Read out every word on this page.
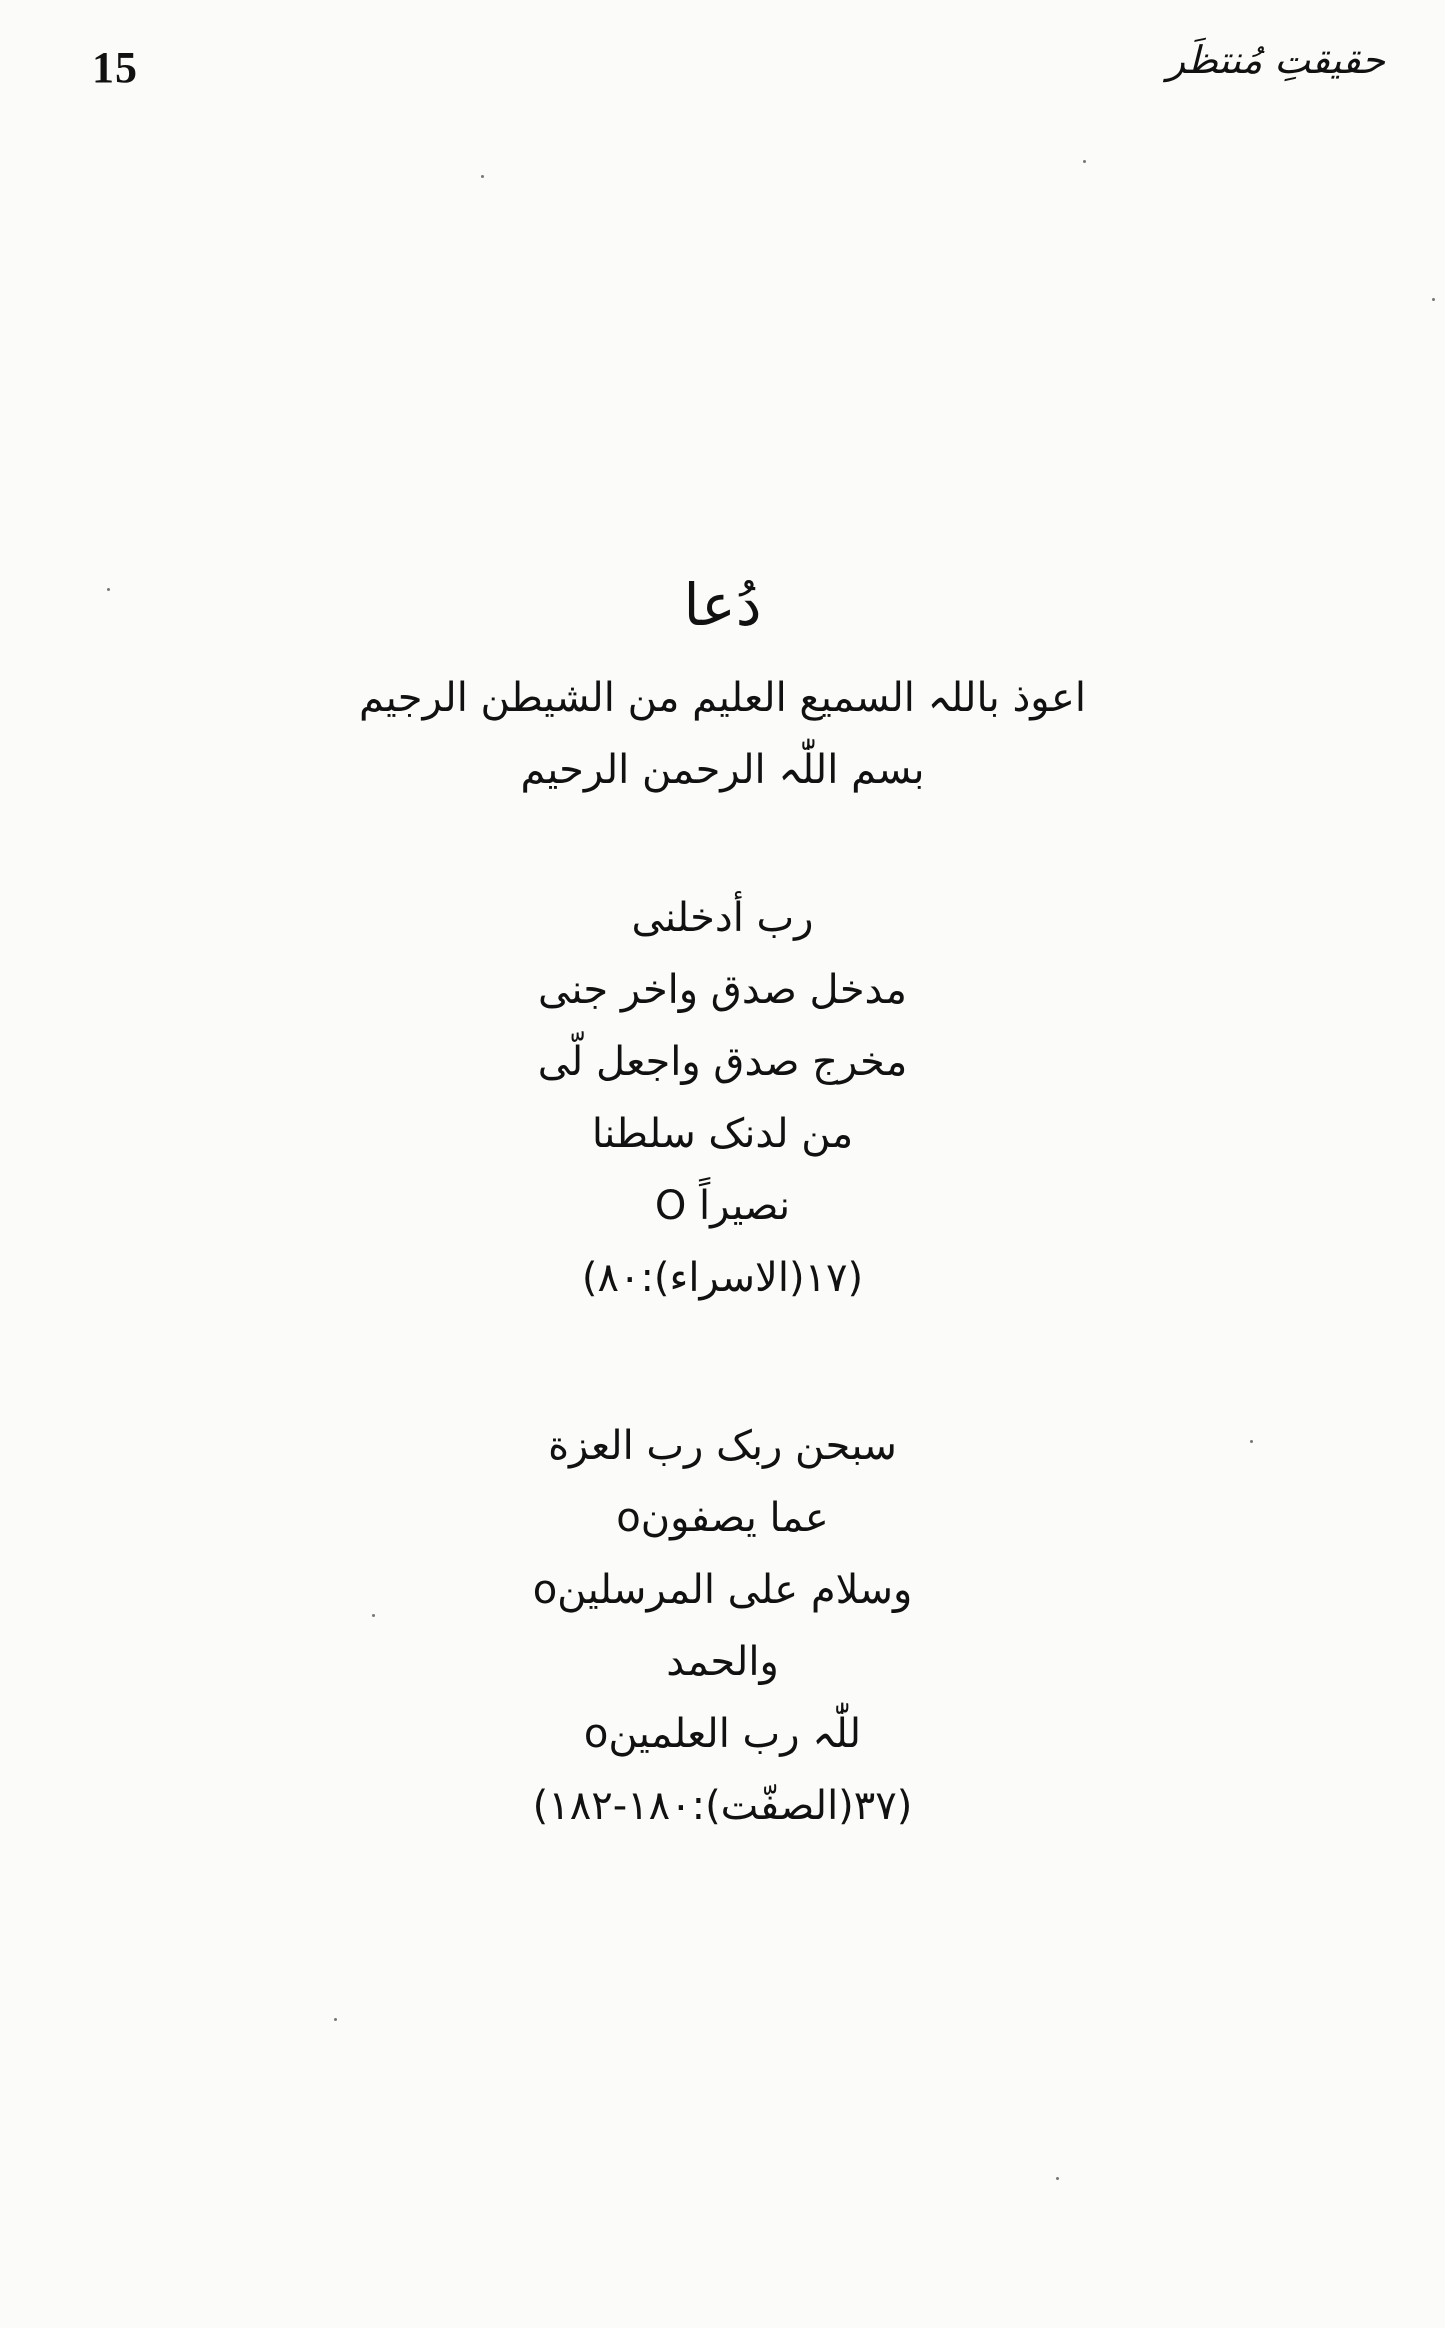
15	حقیقتِ مُنتظَر
دُعا
اعوذ باللہ السمیع العلیم من الشیطن الرجیم
بسم اللّٰہ الرحمن الرحیم
رب أدخلنی
مدخل صدق واخر جنی
مخرج صدق واجعل لّی
من لدنک سلطنا
نصیراً O
(۱۷(الاسراء):۸۰)
سبحن ربک رب العزة
عما یصفونo
وسلام علی المرسلینo
والحمد
للّٰہ رب العلمینo
(۳۷(الصفّت):۱۸۰-۱۸۲)
